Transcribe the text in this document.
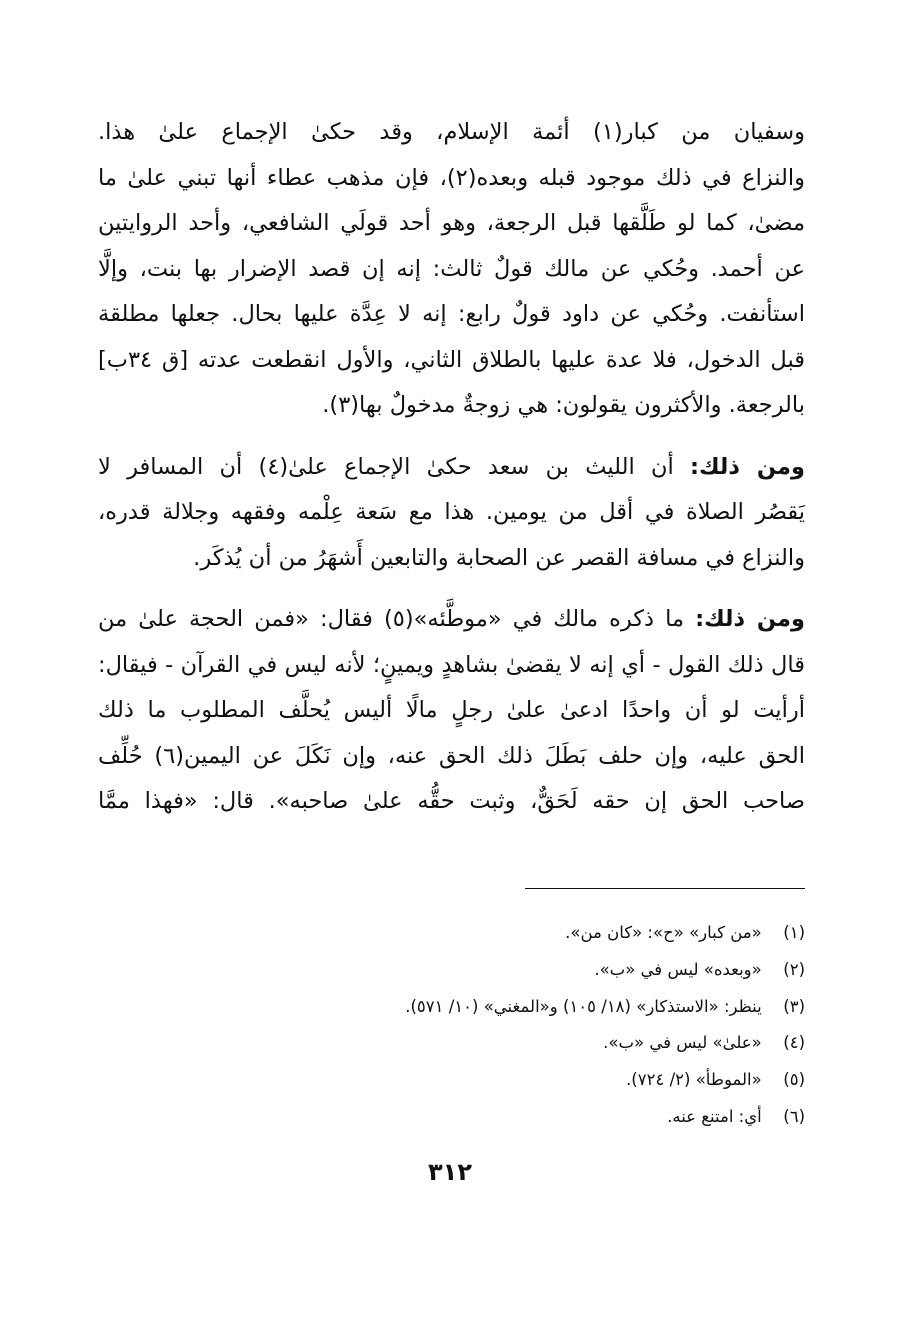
وسفيان من كبار(١) أئمة الإسلام، وقد حكىٰ الإجماع علىٰ هذا.
والنزاع في ذلك موجود قبله وبعده(٢)، فإن مذهب عطاء أنها تبني علىٰ ما
مضىٰ، كما لو طَلَّقها قبل الرجعة، وهو أحد قولَي الشافعي، وأحد الروايتين
عن أحمد. وحُكي عن مالك قولٌ ثالث: إنه إن قصد الإضرار بها بنت، وإلَّا
استأنفت. وحُكي عن داود قولٌ رابع: إنه لا عِدَّة عليها بحال. جعلها مطلقة
قبل الدخول، فلا عدة عليها بالطلاق الثاني، والأول انقطعت عدته [ق ٣٤ب]
بالرجعة. والأكثرون يقولون: هي زوجةٌ مدخولٌ بها(٣).

ومن ذلك: أن الليث بن سعد حكىٰ الإجماع علىٰ(٤) أن المسافر لا
يَقصُر الصلاة في أقل من يومين. هذا مع سَعة عِلْمه وفقهه وجلالة قدره،
والنزاع في مسافة القصر عن الصحابة والتابعين أَشهَرُ من أن يُذكَر.

ومن ذلك: ما ذكره مالك في «موطَّئه»(٥) فقال: «فمن الحجة علىٰ من
قال ذلك القول - أي إنه لا يقضىٰ بشاهدٍ ويمينٍ؛ لأنه ليس في القرآن - فيقال:
أرأيت لو أن واحدًا ادعىٰ علىٰ رجلٍ مالًا أليس يُحلَّف المطلوب ما ذلك
الحق عليه، وإن حلف بَطَلَ ذلك الحق عنه، وإن نَكَلَ عن اليمين(٦) حُلِّف
صاحب الحق إن حقه لَحَقٌّ، وثبت حقُّه علىٰ صاحبه». قال: «فهذا ممَّا

(١) «من كبار» «ح»: «كان من».
(٢) «وبعده» ليس في «ب».
(٣) ينظر: «الاستذكار» (١٨/ ١٠٥) و«المغني» (١٠/ ٥٧١).
(٤) «علىٰ» ليس في «ب».
(٥) «الموطأ» (٢/ ٧٢٤).
(٦) أي: امتنع عنه.
٣١٢
